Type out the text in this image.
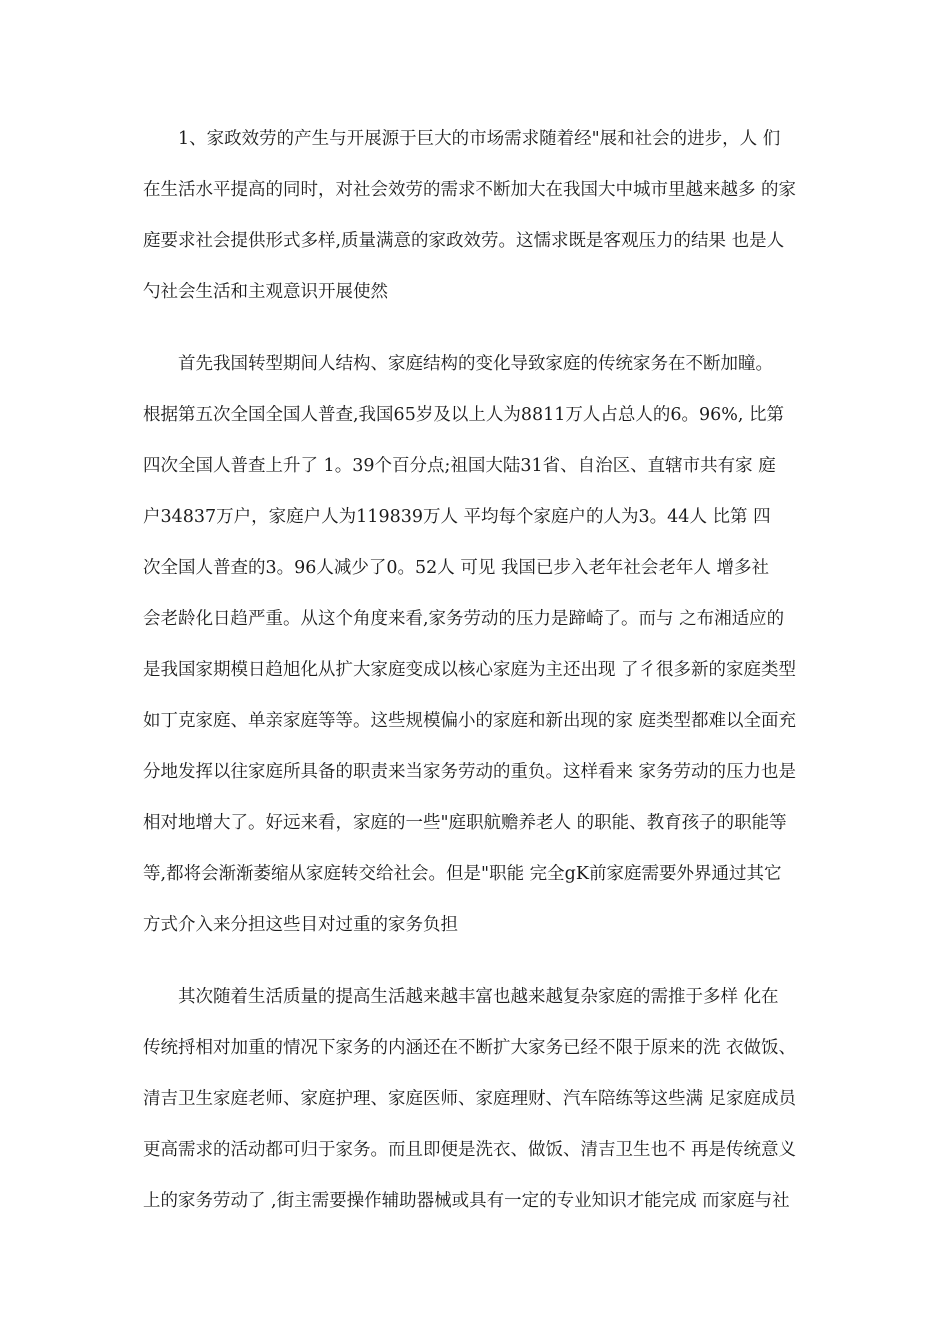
1、家政效劳的产生与开展源于巨大的市场需求随着经"展和社会的进步，人 们
在生活水平提高的同时，对社会效劳的需求不断加大在我国大中城市里越来越多 的家
庭要求社会提供形式多样,质量满意的家政效劳。这懦求既是客观压力的结果 也是人
勺社会生活和主观意识开展使然
首先我国转型期间人结构、家庭结构的变化导致家庭的传统家务在不断加瞳。
根据第五次全国全国人普查,我国65岁及以上人为8811万人占总人的6。96%, 比第
四次全国人普查上升了 1。39个百分点;祖国大陆31省、自治区、直辖市共有家 庭
户34837万户，家庭户人为119839万人 平均每个家庭户的人为3。44人 比第 四
次全国人普查的3。96人减少了0。52人 可见 我国已步入老年社会老年人 增多社
会老龄化日趋严重。从这个角度来看,家务劳动的压力是蹄崎了。而与 之布湘适应的
是我国家期模日趋旭化从扩大家庭变成以核心家庭为主还出现 了彳很多新的家庭类型
如丁克家庭、单亲家庭等等。这些规模偏小的家庭和新出现的家 庭类型都难以全面充
分地发挥以往家庭所具备的职责来当家务劳动的重负。这样看来 家务劳动的压力也是
相对地增大了。好远来看，家庭的一些"庭职航赡养老人 的职能、教育孩子的职能等
等,都将会渐渐萎缩从家庭转交给社会。但是"职能 完全gK前家庭需要外界通过其它
方式介入来分担这些目对过重的家务负担
其次随着生活质量的提高生活越来越丰富也越来越复杂家庭的需推于多样 化在
传统捋相对加重的情况下家务的内涵还在不断扩大家务已经不限于原来的洗 衣做饭、
清吉卫生家庭老师、家庭护理、家庭医师、家庭理财、汽车陪练等这些满 足家庭成员
更高需求的活动都可归于家务。而且即便是洗衣、做饭、清吉卫生也不 再是传统意义
上的家务劳动了 ,街主需要操作辅助器械或具有一定的专业知识才能完成 而家庭与社
